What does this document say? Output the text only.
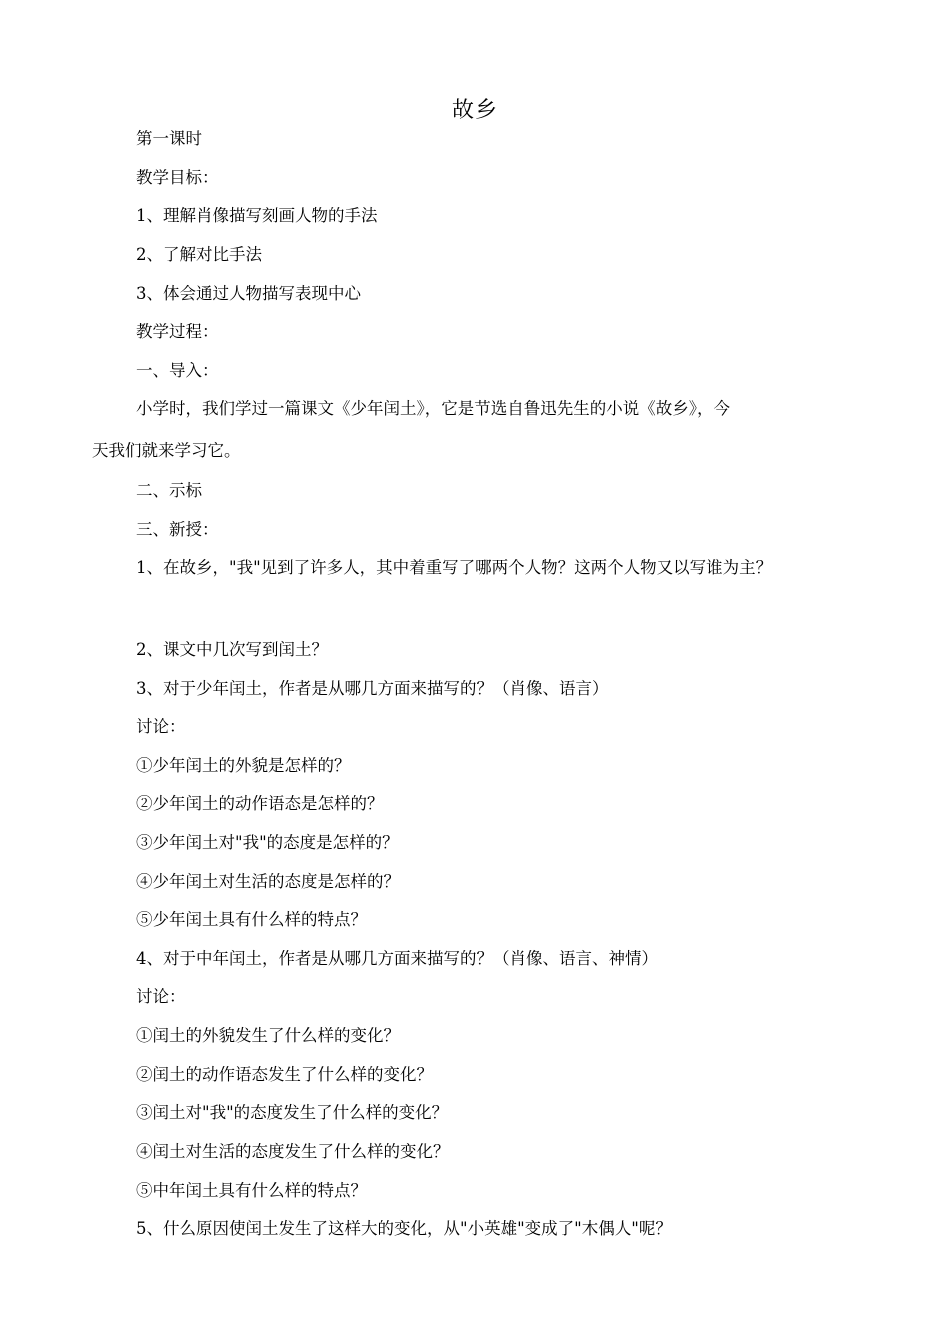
故乡
第一课时
教学目标：
1、理解肖像描写刻画人物的手法
2、了解对比手法
3、体会通过人物描写表现中心
教学过程：
一、导入：
小学时，我们学过一篇课文《少年闰土》，它是节选自鲁迅先生的小说《故乡》，今
天我们就来学习它。
二、示标
三、新授：
1、在故乡，"我"见到了许多人，其中着重写了哪两个人物？这两个人物又以写谁为主？
2、课文中几次写到闰土？
3、对于少年闰土，作者是从哪几方面来描写的？（肖像、语言）
讨论：
①少年闰土的外貌是怎样的？
②少年闰土的动作语态是怎样的？
③少年闰土对"我"的态度是怎样的？
④少年闰土对生活的态度是怎样的？
⑤少年闰土具有什么样的特点？
4、对于中年闰土，作者是从哪几方面来描写的？（肖像、语言、神情）
讨论：
①闰土的外貌发生了什么样的变化？
②闰土的动作语态发生了什么样的变化？
③闰土对"我"的态度发生了什么样的变化？
④闰土对生活的态度发生了什么样的变化？
⑤中年闰土具有什么样的特点？
5、什么原因使闰土发生了这样大的变化，从"小英雄"变成了"木偶人"呢？
